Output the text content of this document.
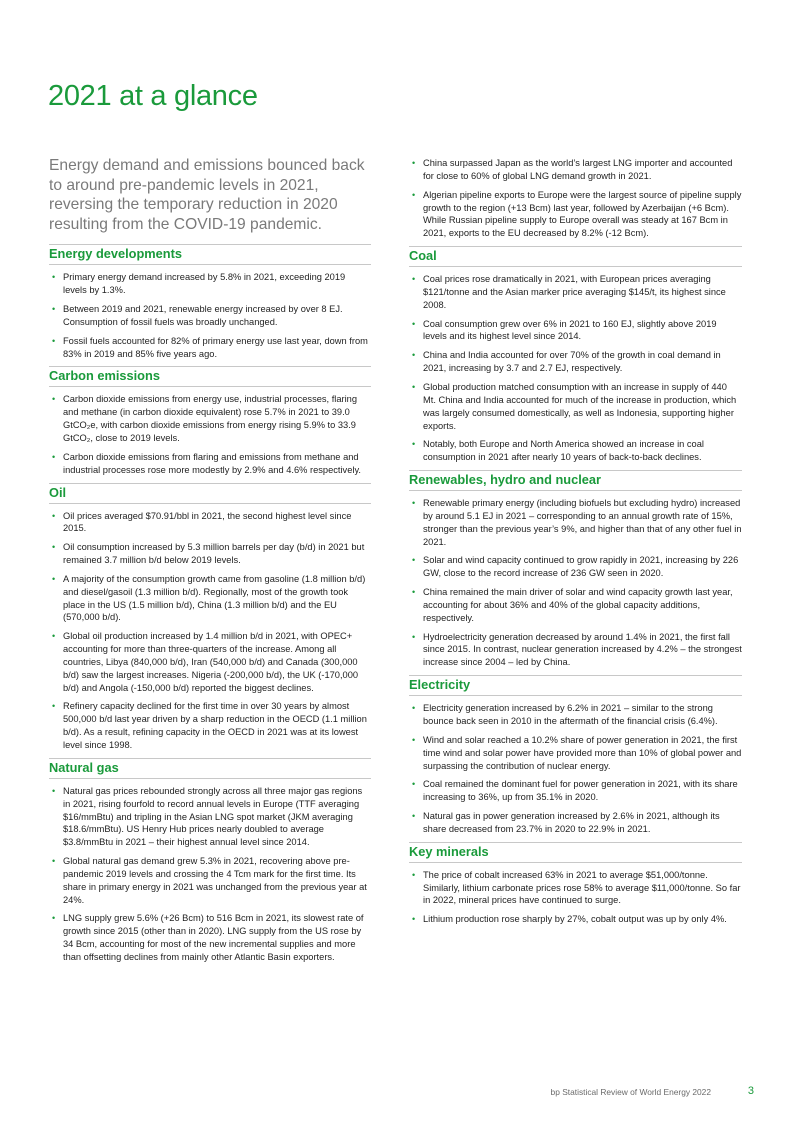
2021 at a glance

Energy demand and emissions bounced back to around pre-pandemic levels in 2021, reversing the temporary reduction in 2020 resulting from the COVID-19 pandemic.

Energy developments
• Primary energy demand increased by 5.8% in 2021, exceeding 2019 levels by 1.3%.
• Between 2019 and 2021, renewable energy increased by over 8 EJ. Consumption of fossil fuels was broadly unchanged.
• Fossil fuels accounted for 82% of primary energy use last year, down from 83% in 2019 and 85% five years ago.
Carbon emissions
• Carbon dioxide emissions from energy use, industrial processes, flaring and methane (in carbon dioxide equivalent) rose 5.7% in 2021 to 39.0 GtCO₂e, with carbon dioxide emissions from energy rising 5.9% to 33.9 GtCO₂, close to 2019 levels.
• Carbon dioxide emissions from flaring and emissions from methane and industrial processes rose more modestly by 2.9% and 4.6% respectively.
Oil
• Oil prices averaged $70.91/bbl in 2021, the second highest level since 2015.
• Oil consumption increased by 5.3 million barrels per day (b/d) in 2021 but remained 3.7 million b/d below 2019 levels.
• A majority of the consumption growth came from gasoline (1.8 million b/d) and diesel/gasoil (1.3 million b/d). Regionally, most of the growth took place in the US (1.5 million b/d), China (1.3 million b/d) and the EU (570,000 b/d).
• Global oil production increased by 1.4 million b/d in 2021, with OPEC+ accounting for more than three-quarters of the increase. Among all countries, Libya (840,000 b/d), Iran (540,000 b/d) and Canada (300,000 b/d) saw the largest increases. Nigeria (-200,000 b/d), the UK (-170,000 b/d) and Angola (-150,000 b/d) reported the biggest declines.
• Refinery capacity declined for the first time in over 30 years by almost 500,000 b/d last year driven by a sharp reduction in the OECD (1.1 million b/d). As a result, refining capacity in the OECD in 2021 was at its lowest level since 1998.
Natural gas
• Natural gas prices rebounded strongly across all three major gas regions in 2021, rising fourfold to record annual levels in Europe (TTF averaging $16/mmBtu) and tripling in the Asian LNG spot market (JKM averaging $18.6/mmBtu). US Henry Hub prices nearly doubled to average $3.8/mmBtu in 2021 – their highest annual level since 2014.
• Global natural gas demand grew 5.3% in 2021, recovering above pre-pandemic 2019 levels and crossing the 4 Tcm mark for the first time. Its share in primary energy in 2021 was unchanged from the previous year at 24%.
• LNG supply grew 5.6% (+26 Bcm) to 516 Bcm in 2021, its slowest rate of growth since 2015 (other than in 2020). LNG supply from the US rose by 34 Bcm, accounting for most of the new incremental supplies and more than offsetting declines from mainly other Atlantic Basin exporters.
• China surpassed Japan as the world’s largest LNG importer and accounted for close to 60% of global LNG demand growth in 2021.
• Algerian pipeline exports to Europe were the largest source of pipeline supply growth to the region (+13 Bcm) last year, followed by Azerbaijan (+6 Bcm). While Russian pipeline supply to Europe overall was steady at 167 Bcm in 2021, exports to the EU decreased by 8.2% (-12 Bcm).
Coal
• Coal prices rose dramatically in 2021, with European prices averaging $121/tonne and the Asian marker price averaging $145/t, its highest since 2008.
• Coal consumption grew over 6% in 2021 to 160 EJ, slightly above 2019 levels and its highest level since 2014.
• China and India accounted for over 70% of the growth in coal demand in 2021, increasing by 3.7 and 2.7 EJ, respectively.
• Global production matched consumption with an increase in supply of 440 Mt. China and India accounted for much of the increase in production, which was largely consumed domestically, as well as Indonesia, supporting higher exports.
• Notably, both Europe and North America showed an increase in coal consumption in 2021 after nearly 10 years of back-to-back declines.
Renewables, hydro and nuclear
• Renewable primary energy (including biofuels but excluding hydro) increased by around 5.1 EJ in 2021 – corresponding to an annual growth rate of 15%, stronger than the previous year’s 9%, and higher than that of any other fuel in 2021.
• Solar and wind capacity continued to grow rapidly in 2021, increasing by 226 GW, close to the record increase of 236 GW seen in 2020.
• China remained the main driver of solar and wind capacity growth last year, accounting for about 36% and 40% of the global capacity additions, respectively.
• Hydroelectricity generation decreased by around 1.4% in 2021, the first fall since 2015. In contrast, nuclear generation increased by 4.2% – the strongest increase since 2004 – led by China.
Electricity
• Electricity generation increased by 6.2% in 2021 – similar to the strong bounce back seen in 2010 in the aftermath of the financial crisis (6.4%).
• Wind and solar reached a 10.2% share of power generation in 2021, the first time wind and solar power have provided more than 10% of global power and surpassing the contribution of nuclear energy.
• Coal remained the dominant fuel for power generation in 2021, with its share increasing to 36%, up from 35.1% in 2020.
• Natural gas in power generation increased by 2.6% in 2021, although its share decreased from 23.7% in 2020 to 22.9% in 2021.
Key minerals
• The price of cobalt increased 63% in 2021 to average $51,000/tonne. Similarly, lithium carbonate prices rose 58% to average $11,000/tonne. So far in 2022, mineral prices have continued to surge.
• Lithium production rose sharply by 27%, cobalt output was up by only 4%.
bp Statistical Review of World Energy 2022	3
